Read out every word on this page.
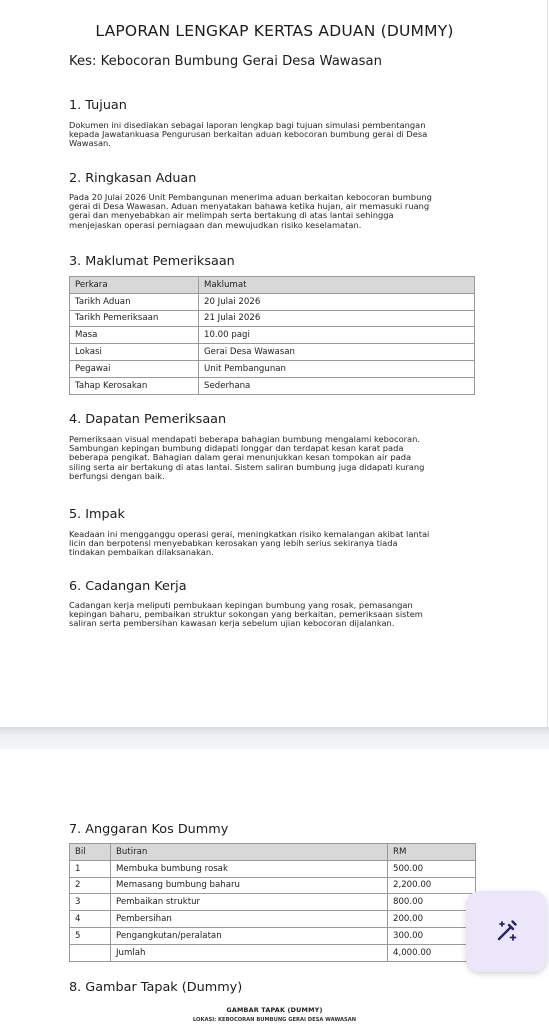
LAPORAN LENGKAP KERTAS ADUAN (DUMMY)
Kes: Kebocoran Bumbung Gerai Desa Wawasan
1. Tujuan
Dokumen ini disediakan sebagai laporan lengkap bagi tujuan simulasi pembentangan
kepada Jawatankuasa Pengurusan berkaitan aduan kebocoran bumbung gerai di Desa
Wawasan.
2. Ringkasan Aduan
Pada 20 Julai 2026 Unit Pembangunan menerima aduan berkaitan kebocoran bumbung
gerai di Desa Wawasan. Aduan menyatakan bahawa ketika hujan, air memasuki ruang
gerai dan menyebabkan air melimpah serta bertakung di atas lantai sehingga
menjejaskan operasi perniagaan dan mewujudkan risiko keselamatan.
3. Maklumat Pemeriksaan
Perkara	Maklumat
Tarikh Aduan	20 Julai 2026
Tarikh Pemeriksaan	21 Julai 2026
Masa	10.00 pagi
Lokasi	Gerai Desa Wawasan
Pegawai	Unit Pembangunan
Tahap Kerosakan	Sederhana
4. Dapatan Pemeriksaan
Pemeriksaan visual mendapati beberapa bahagian bumbung mengalami kebocoran.
Sambungan kepingan bumbung didapati longgar dan terdapat kesan karat pada
beberapa pengikat. Bahagian dalam gerai menunjukkan kesan tompokan air pada
siling serta air bertakung di atas lantai. Sistem saliran bumbung juga didapati kurang
berfungsi dengan baik.
5. Impak
Keadaan ini mengganggu operasi gerai, meningkatkan risiko kemalangan akibat lantai
licin dan berpotensi menyebabkan kerosakan yang lebih serius sekiranya tiada
tindakan pembaikan dilaksanakan.
6. Cadangan Kerja
Cadangan kerja meliputi pembukaan kepingan bumbung yang rosak, pemasangan
kepingan baharu, pembaikan struktur sokongan yang berkaitan, pemeriksaan sistem
saliran serta pembersihan kawasan kerja sebelum ujian kebocoran dijalankan.
7. Anggaran Kos Dummy
Bil	Butiran	RM
1	Membuka bumbung rosak	500.00
2	Memasang bumbung baharu	2,200.00
3	Pembaikan struktur	800.00
4	Pembersihan	200.00
5	Pengangkutan/peralatan	300.00
	Jumlah	4,000.00
8. Gambar Tapak (Dummy)
GAMBAR TAPAK (DUMMY)
LOKASI: KEBOCORAN BUMBUNG GERAI DESA WAWASAN
